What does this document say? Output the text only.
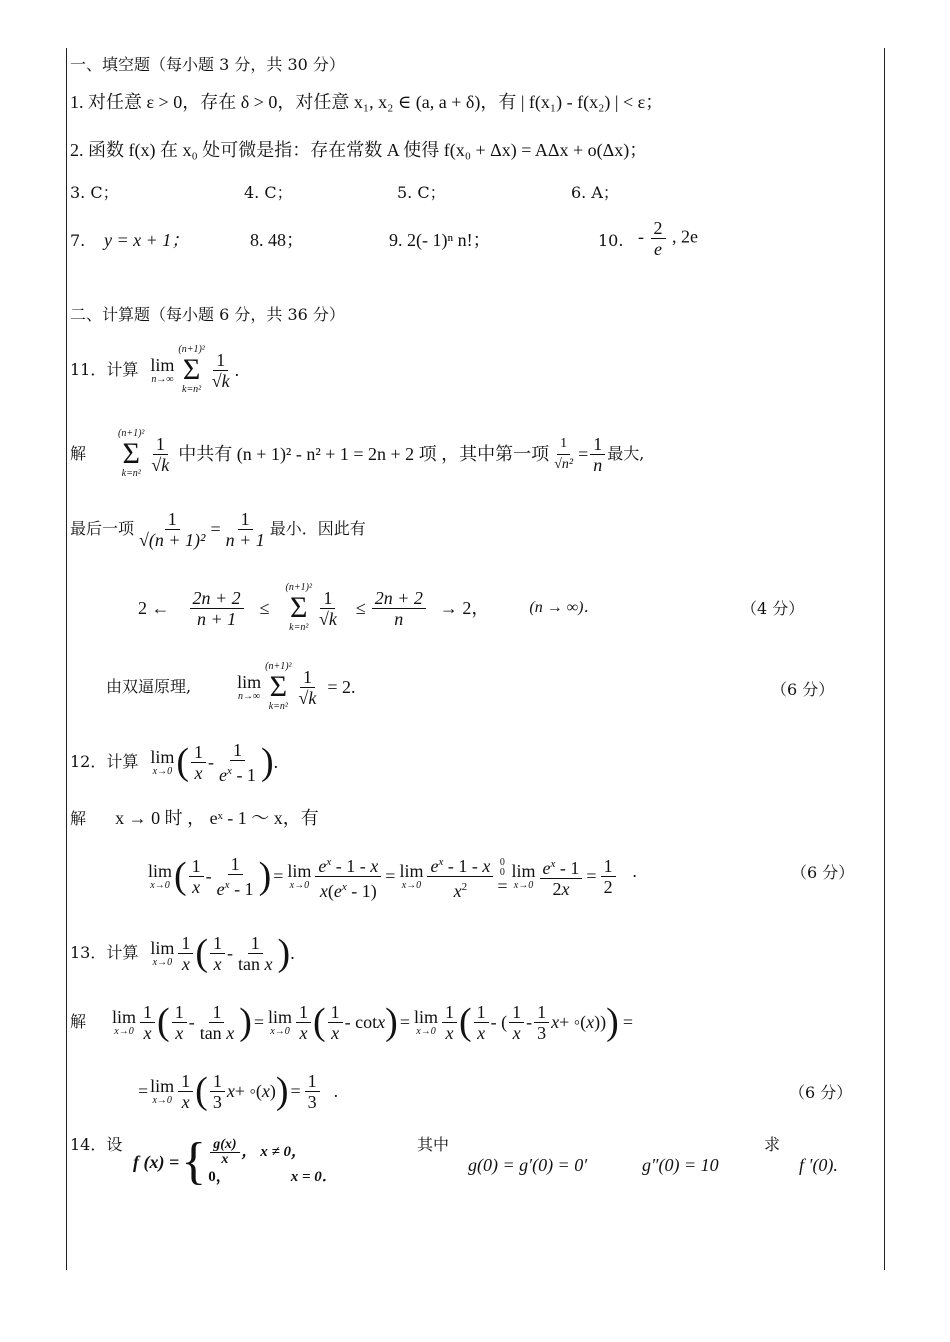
一、填空题（每小题 3 分，共 30 分）
1. 对任意 ε > 0，存在 δ > 0，对任意 x₁, x₂ ∈ (a, a + δ)，有 | f(x₁) - f(x₂) | < ε；
2. 函数 f(x) 在 x₀ 处可微是指：存在常数 A 使得 f(x₀ + Δx) = AΔx + o(Δx)；
3. C；	4. C；	5. C；	6. A；
7. y = x + 1；	8. 48；	9. 2(- 1)ⁿ n!；	10. - $\frac{2}{e}$ , 2e
二、计算题（每小题 6 分，共 36 分）
11．计算 lim
n→∞
(n+1)²
Σ
$k=n^2 \frac{1}{√k}$ .
解
(n+1)²
Σ
$k=n^2 \frac{1}{√k}$ 中共有 (n + 1)² - n² + 1 = 2n + 2 项 ，其中第一项 $\frac{1}{\text{√n²}} = \frac{1}{n}$ 最大,
最后一项 $\frac{1}{\text{√(n + 1)²}} = \frac{1}{n + 1}$ 最小．因此有
2 ← $\frac{2n + 2}{n + 1}$ ≤
(n+1)²
Σ
$k=n^2 \frac{1}{√k} \le \frac{2n + 2}{n} \to 2$，	(n → ∞)．	（4 分）
由双逼原理,	lim
n→∞
(n+1)²
Σ
$k=n^2 \frac{1}{√k} = 2$.	（6 分）
12．计算 lim
x→0 ( $\frac{1}{x} - \frac{1}{e^x - 1}$ ) .
解 x → 0 时 ， eˣ - 1 ～ x，有
lim
x→0 ( $\frac{1}{x} - \frac{1}{e^x - 1}$ ) = lim
$x\to 0 \frac{e^x - 1 - x}{x(e^x - 1)} = \lim$
$x\to 0 \frac{e^x - 1 - x}{x^2} 0$
0
=
lim
$x\to 0 \frac{e^x - 1}{2x} = \frac{1}{2}$ ·	（6 分）
13．计算 lim
$x\to 0 \frac{1}{x}$ ( $\frac{1}{x} - \frac{1}{\text{tan x}}$ ) .
解 lim
$x\to 0 \frac{1}{x}$ ( $\frac{1}{x} - \frac{1}{\text{tan x}}$ ) = lim
$x\to 0 \frac{1}{x}$ ( $\frac{1}{x}$ - cot x ) = lim
$x\to 0 \frac{1}{x}$ ( $\frac{1}{x}$ - ( $\frac{1}{x} - \frac{1}{3}$ x + ◦( x )) ) =
= lim
$x\to 0 \frac{1}{x}$ ( $\frac{1}{3}$ x + ◦( x ) ) = $\frac{1}{3}$ .	（6 分）
14．设
f (x) = { $\frac{g(x)}{x}$ ， x ≠ 0，
0，	x = 0．
其中
g(0) = g′(0) = 0′	g″(0) = 10
求
f ′(0).
